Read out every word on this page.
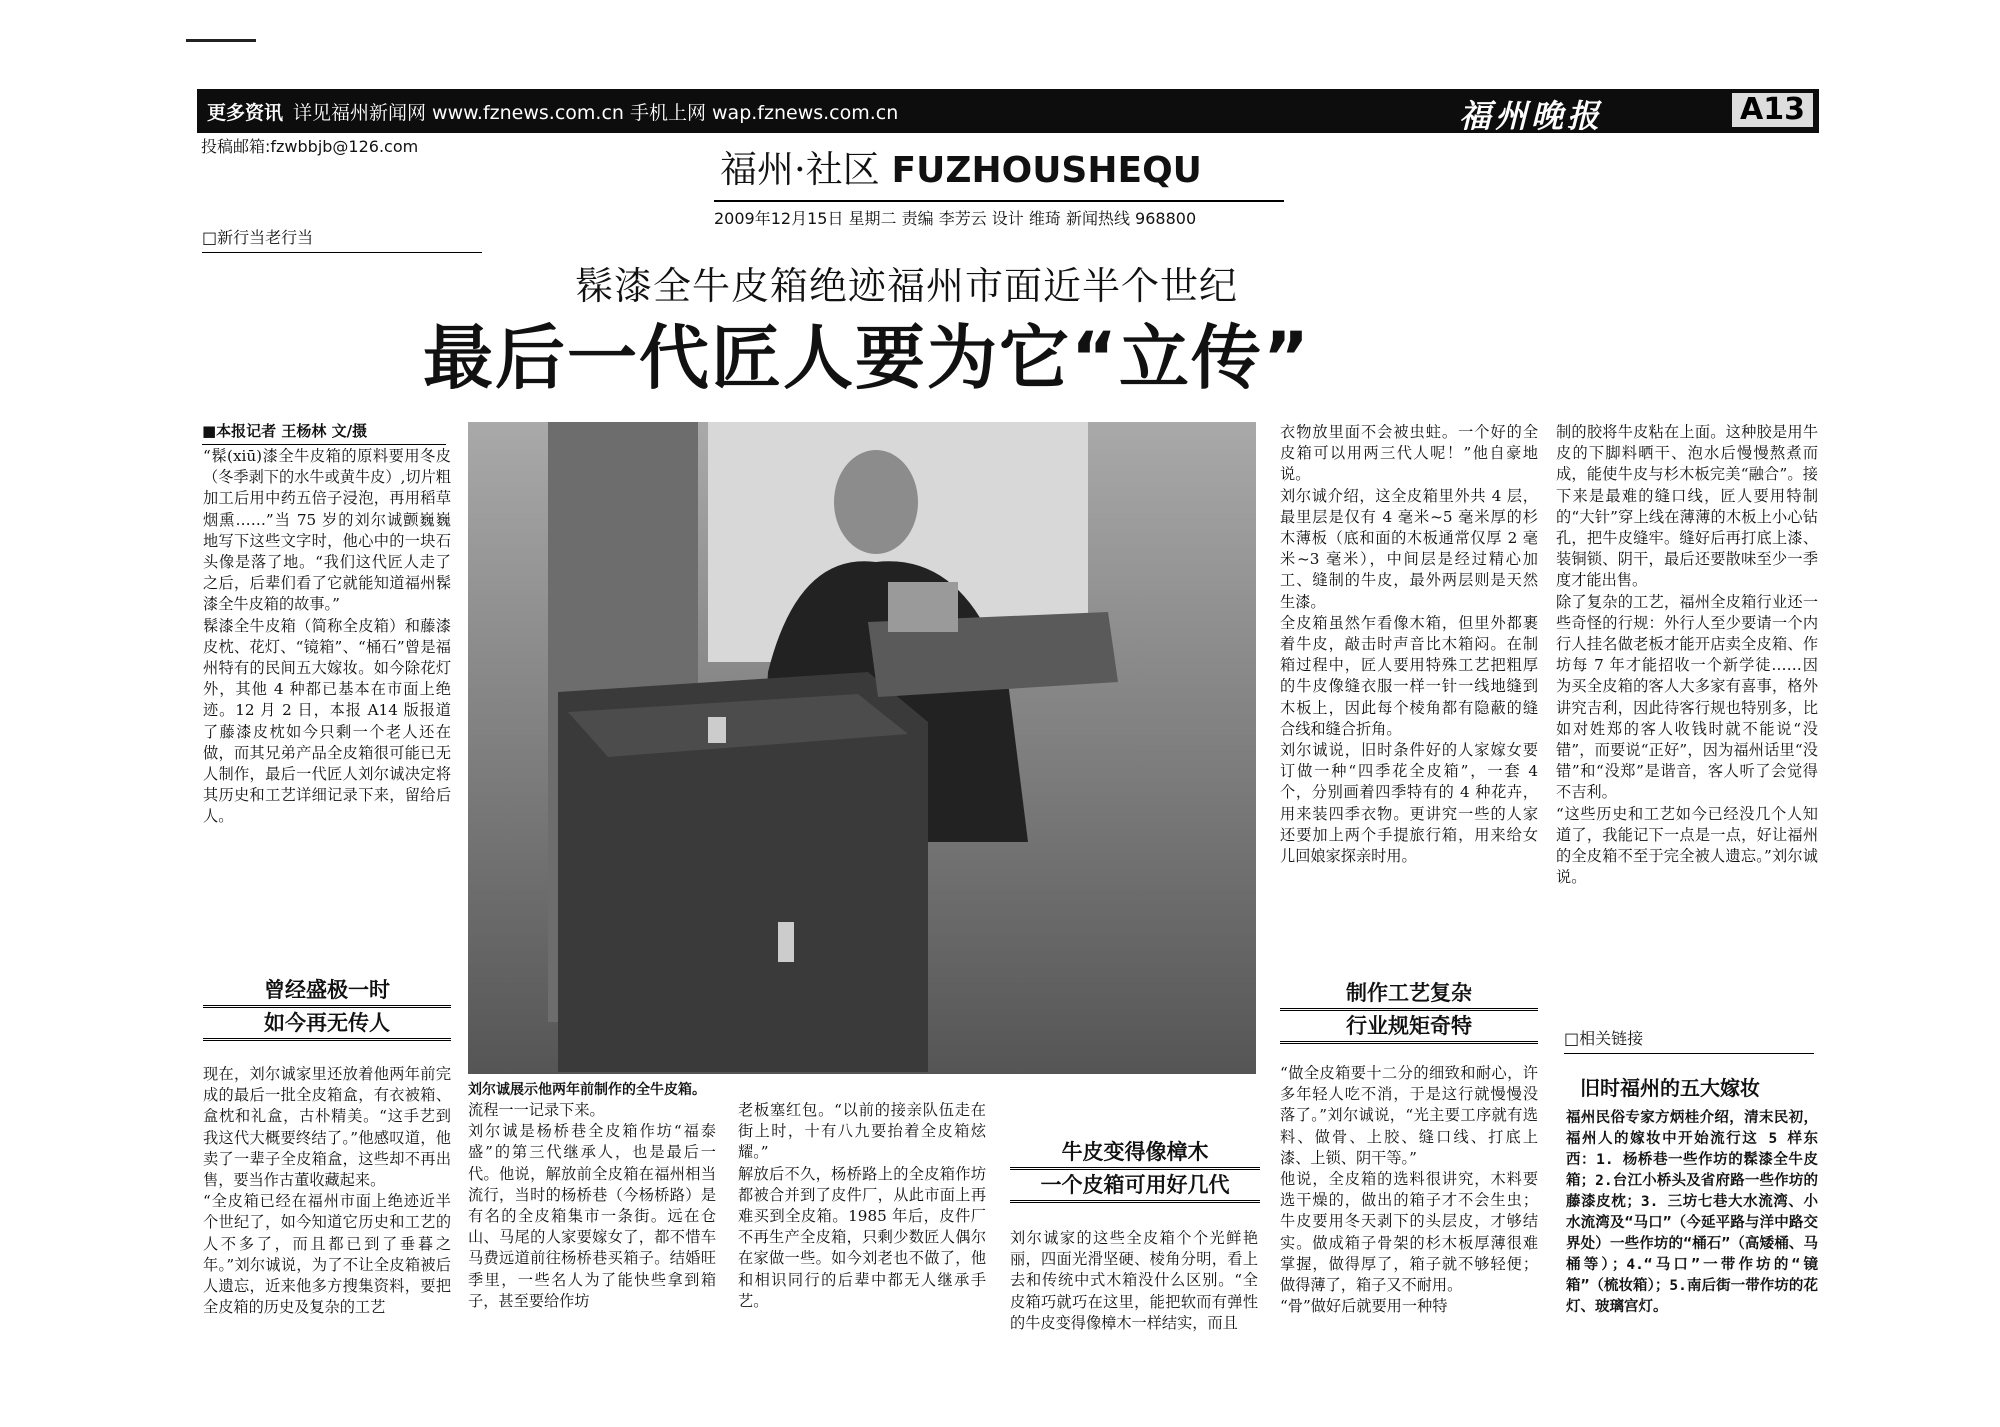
更多资讯 详见福州新闻网 www.fznews.com.cn 手机上网 wap.fznews.com.cn	福州晚报	A13
投稿邮箱:fzwbbjb@126.com
福州·社区 FUZHOUSHEQU
2009年12月15日 星期二 责编 李芳云 设计 维琦 新闻热线 968800
□新行当老行当
髹漆全牛皮箱绝迹福州市面近半个世纪
最后一代匠人要为它“立传”
■本报记者 王杨林 文/摄
“髹(xiū)漆全牛皮箱的原料要用冬皮（冬季剥下的水牛或黄牛皮）,切片粗加工后用中药五倍子浸泡，再用稻草烟熏……”当 75 岁的刘尔诚颤巍巍地写下这些文字时，他心中的一块石头像是落了地。“我们这代匠人走了之后，后辈们看了它就能知道福州髹漆全牛皮箱的故事。”
髹漆全牛皮箱（简称全皮箱）和藤漆皮枕、花灯、“镜箱”、“桶石”曾是福州特有的民间五大嫁妆。如今除花灯外，其他 4 种都已基本在市面上绝迹。12 月 2 日，本报 A14 版报道了藤漆皮枕如今只剩一个老人还在做，而其兄弟产品全皮箱很可能已无人制作，最后一代匠人刘尔诚决定将其历史和工艺详细记录下来，留给后人。
曾经盛极一时
如今再无传人
现在，刘尔诚家里还放着他两年前完成的最后一批全皮箱盒，有衣被箱、盒枕和礼盒，古朴精美。“这手艺到我这代大概要终结了。”他感叹道，他卖了一辈子全皮箱盒，这些却不再出售，要当作古董收藏起来。
“全皮箱已经在福州市面上绝迹近半个世纪了，如今知道它历史和工艺的人不多了，而且都已到了垂暮之年。”刘尔诚说，为了不让全皮箱被后人遗忘，近来他多方搜集资料，要把全皮箱的历史及复杂的工艺
刘尔诚展示他两年前制作的全牛皮箱。
流程一一记录下来。
刘尔诚是杨桥巷全皮箱作坊“福泰盛”的第三代继承人，也是最后一代。他说，解放前全皮箱在福州相当流行，当时的杨桥巷（今杨桥路）是有名的全皮箱集市一条街。远在仓山、马尾的人家要嫁女了，都不惜车马费远道前往杨桥巷买箱子。结婚旺季里，一些名人为了能快些拿到箱子，甚至要给作坊
老板塞红包。“以前的接亲队伍走在街上时，十有八九要抬着全皮箱炫耀。”
解放后不久，杨桥路上的全皮箱作坊都被合并到了皮件厂，从此市面上再难买到全皮箱。1985 年后，皮件厂不再生产全皮箱，只剩少数匠人偶尔在家做一些。如今刘老也不做了，他和相识同行的后辈中都无人继承手艺。
牛皮变得像樟木
一个皮箱可用好几代
刘尔诚家的这些全皮箱个个光鲜艳丽，四面光滑坚硬、棱角分明，看上去和传统中式木箱没什么区别。“全皮箱巧就巧在这里，能把软而有弹性的牛皮变得像樟木一样结实，而且
衣物放里面不会被虫蛀。一个好的全皮箱可以用两三代人呢！”他自豪地说。
刘尔诚介绍，这全皮箱里外共 4 层，最里层是仅有 4 毫米~5 毫米厚的杉木薄板（底和面的木板通常仅厚 2 毫米~3 毫米），中间层是经过精心加工、缝制的牛皮，最外两层则是天然生漆。
全皮箱虽然乍看像木箱，但里外都裹着牛皮，敲击时声音比木箱闷。在制箱过程中，匠人要用特殊工艺把粗厚的牛皮像缝衣服一样一针一线地缝到木板上，因此每个棱角都有隐蔽的缝合线和缝合折角。
刘尔诚说，旧时条件好的人家嫁女要订做一种“四季花全皮箱”，一套 4 个，分别画着四季特有的 4 种花卉，用来装四季衣物。更讲究一些的人家还要加上两个手提旅行箱，用来给女儿回娘家探亲时用。
制作工艺复杂
行业规矩奇特
“做全皮箱要十二分的细致和耐心，许多年轻人吃不消，于是这行就慢慢没落了。”刘尔诚说，“光主要工序就有选料、做骨、上胶、缝口线、打底上漆、上锁、阴干等。”
他说，全皮箱的选料很讲究，木料要选干燥的，做出的箱子才不会生虫；牛皮要用冬天剥下的头层皮，才够结实。做成箱子骨架的杉木板厚薄很难掌握，做得厚了，箱子就不够轻便；做得薄了，箱子又不耐用。
“骨”做好后就要用一种特
制的胶将牛皮粘在上面。这种胶是用牛皮的下脚料晒干、泡水后慢慢熬煮而成，能使牛皮与杉木板完美“融合”。接下来是最难的缝口线，匠人要用特制的“大针”穿上线在薄薄的木板上小心钻孔，把牛皮缝牢。缝好后再打底上漆、装铜锁、阴干，最后还要散味至少一季度才能出售。
除了复杂的工艺，福州全皮箱行业还一些奇怪的行规：外行人至少要请一个内行人挂名做老板才能开店卖全皮箱、作坊每 7 年才能招收一个新学徒……因为买全皮箱的客人大多家有喜事，格外讲究吉利，因此待客行规也特别多，比如对姓郑的客人收钱时就不能说“没错”，而要说“正好”，因为福州话里“没错”和“没郑”是谐音，客人听了会觉得不吉利。
“这些历史和工艺如今已经没几个人知道了，我能记下一点是一点，好让福州的全皮箱不至于完全被人遗忘。”刘尔诚说。
□相关链接
旧时福州的五大嫁妆
福州民俗专家方炳桂介绍，清末民初，福州人的嫁妆中开始流行这 5 样东西：1. 杨桥巷一些作坊的髹漆全牛皮箱；2.台江小桥头及省府路一些作坊的藤漆皮枕；3. 三坊七巷大水流湾、小水流湾及“马口”（今延平路与洋中路交界处）一些作坊的“桶石”（高矮桶、马桶等）；4.“马口”一带作坊的“镜箱”（梳妆箱）；5.南后街一带作坊的花灯、玻璃宫灯。
